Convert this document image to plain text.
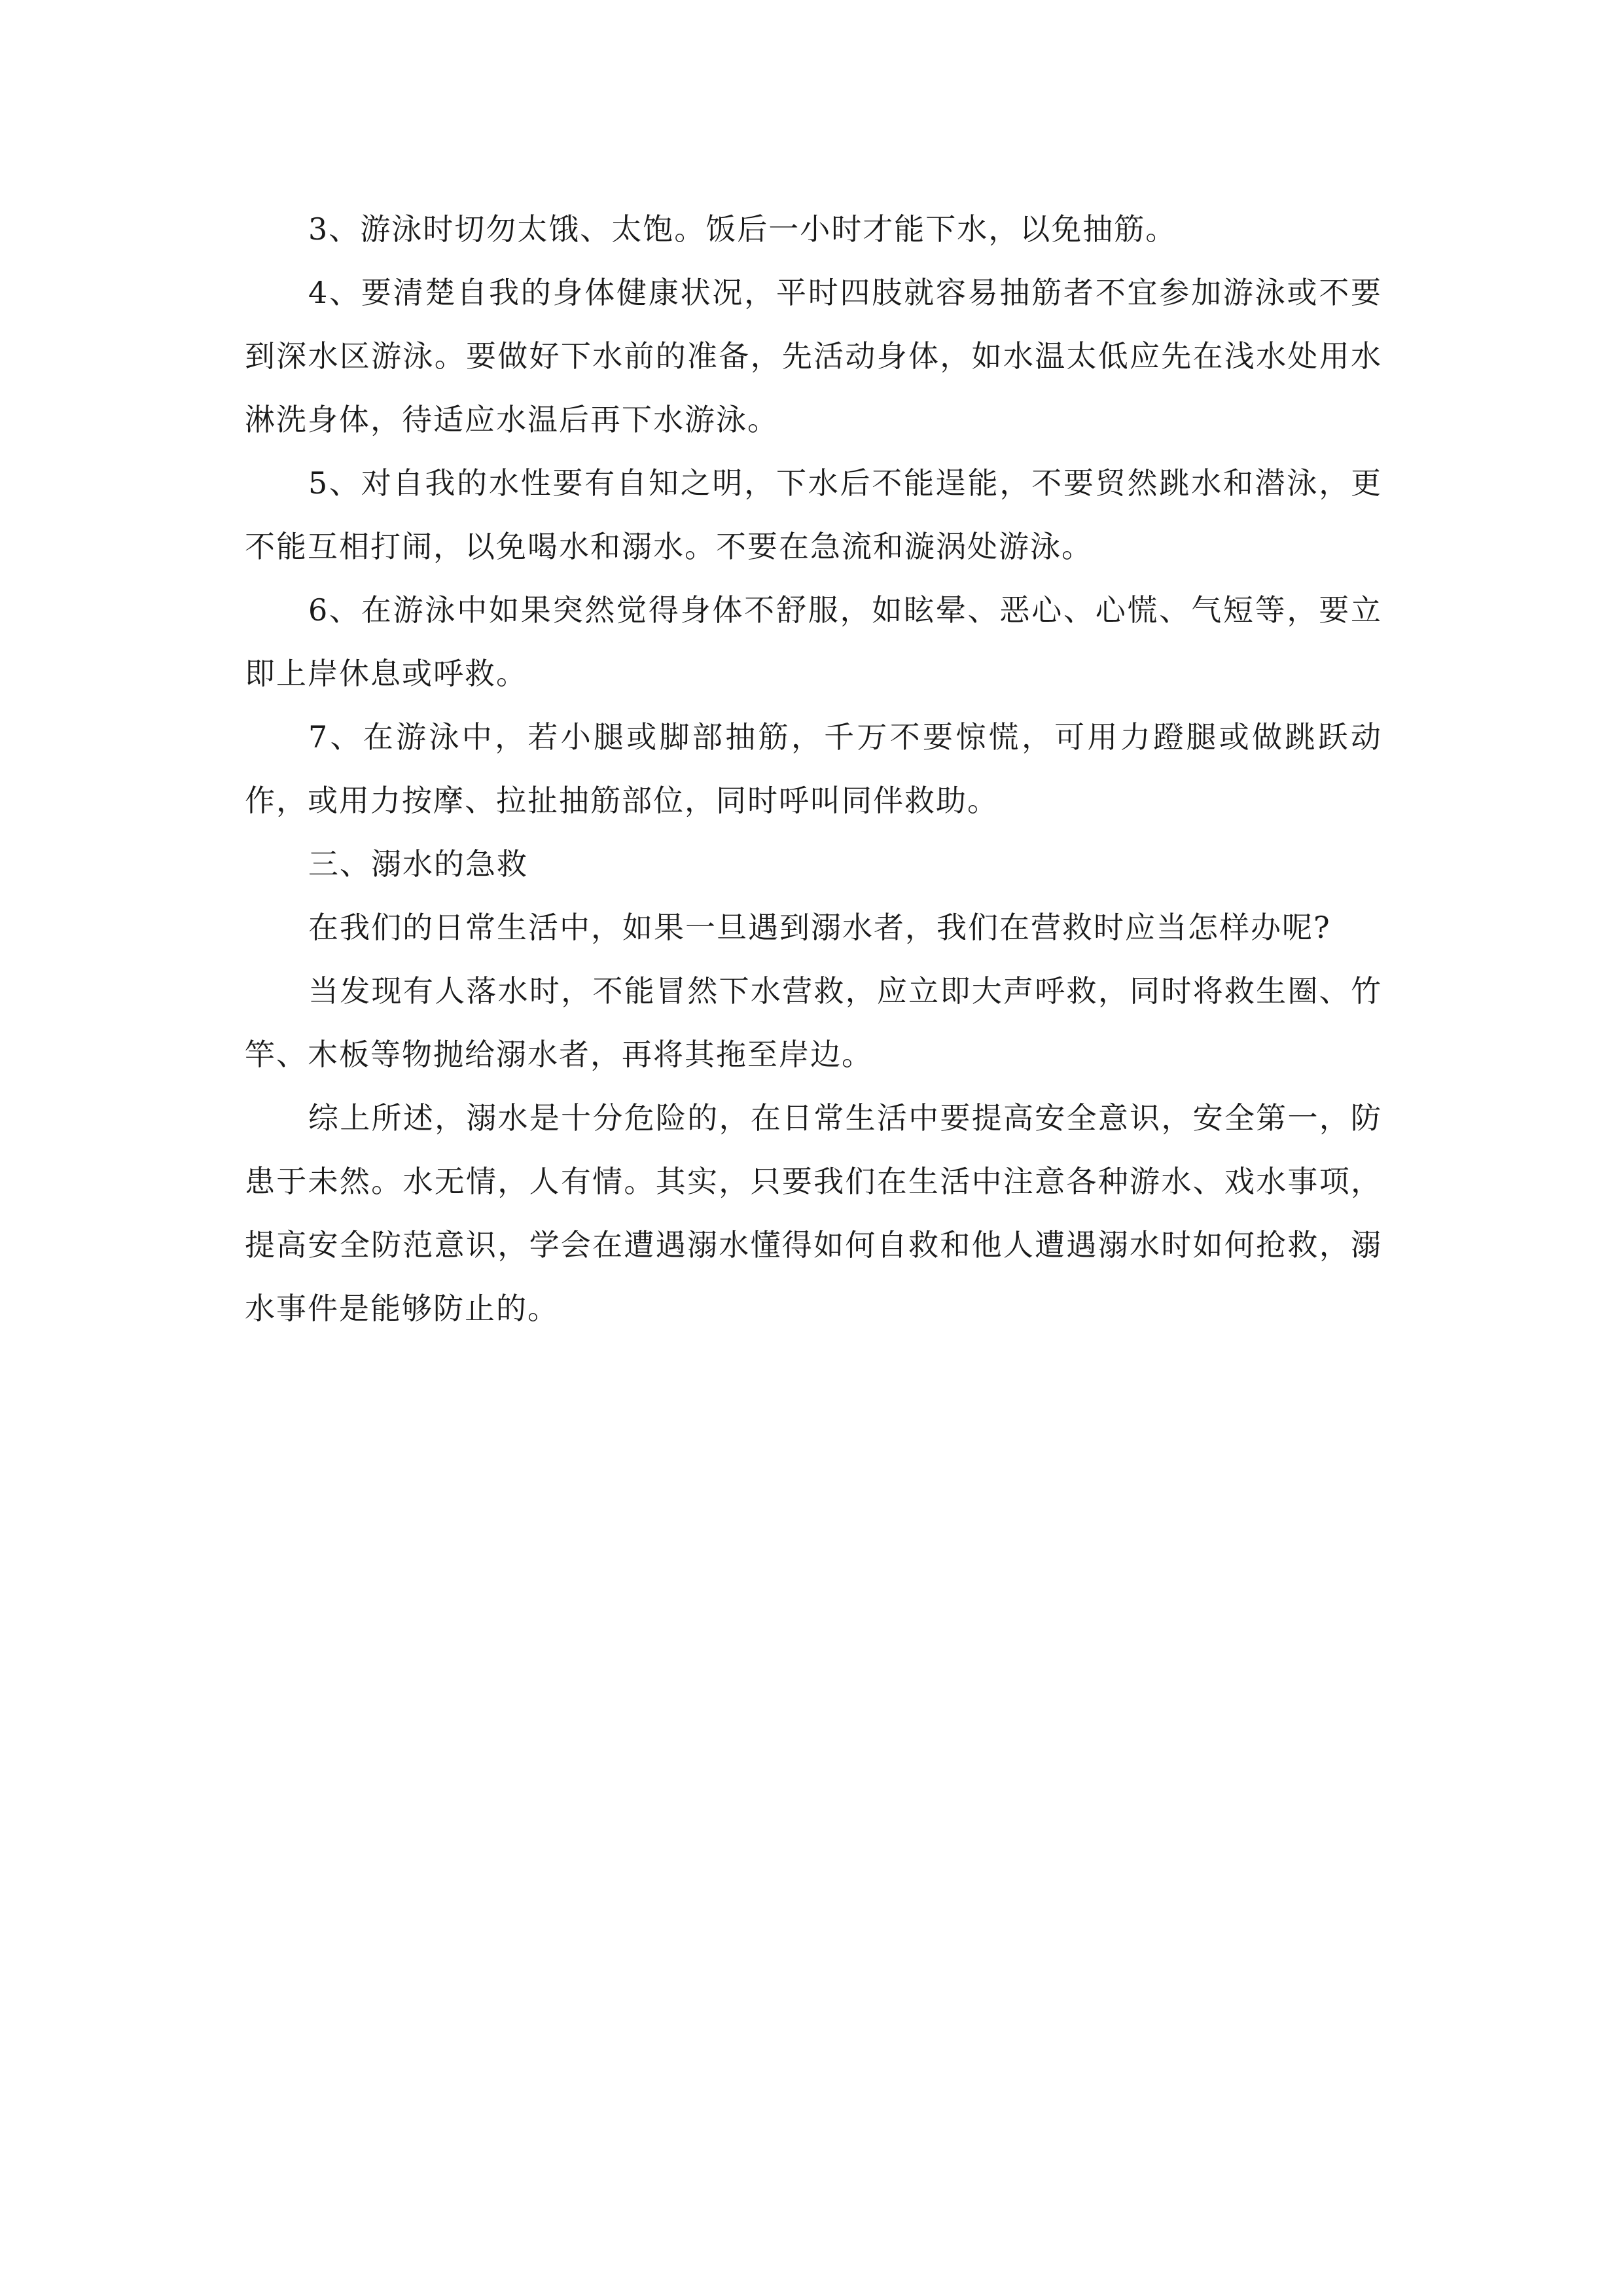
3、游泳时切勿太饿、太饱。饭后一小时才能下水，以免抽筋。

4、要清楚自我的身体健康状况，平时四肢就容易抽筋者不宜参加游泳或不要到深水区游泳。要做好下水前的准备，先活动身体，如水温太低应先在浅水处用水淋洗身体，待适应水温后再下水游泳。

5、对自我的水性要有自知之明，下水后不能逞能，不要贸然跳水和潜泳，更不能互相打闹，以免喝水和溺水。不要在急流和漩涡处游泳。

6、在游泳中如果突然觉得身体不舒服，如眩晕、恶心、心慌、气短等，要立即上岸休息或呼救。

7、在游泳中，若小腿或脚部抽筋，千万不要惊慌，可用力蹬腿或做跳跃动作，或用力按摩、拉扯抽筋部位，同时呼叫同伴救助。

三、溺水的急救

在我们的日常生活中，如果一旦遇到溺水者，我们在营救时应当怎样办呢?

当发现有人落水时，不能冒然下水营救，应立即大声呼救，同时将救生圈、竹竿、木板等物抛给溺水者，再将其拖至岸边。

综上所述，溺水是十分危险的，在日常生活中要提高安全意识，安全第一，防患于未然。水无情，人有情。其实，只要我们在生活中注意各种游水、戏水事项，提高安全防范意识，学会在遭遇溺水懂得如何自救和他人遭遇溺水时如何抢救，溺水事件是能够防止的。
